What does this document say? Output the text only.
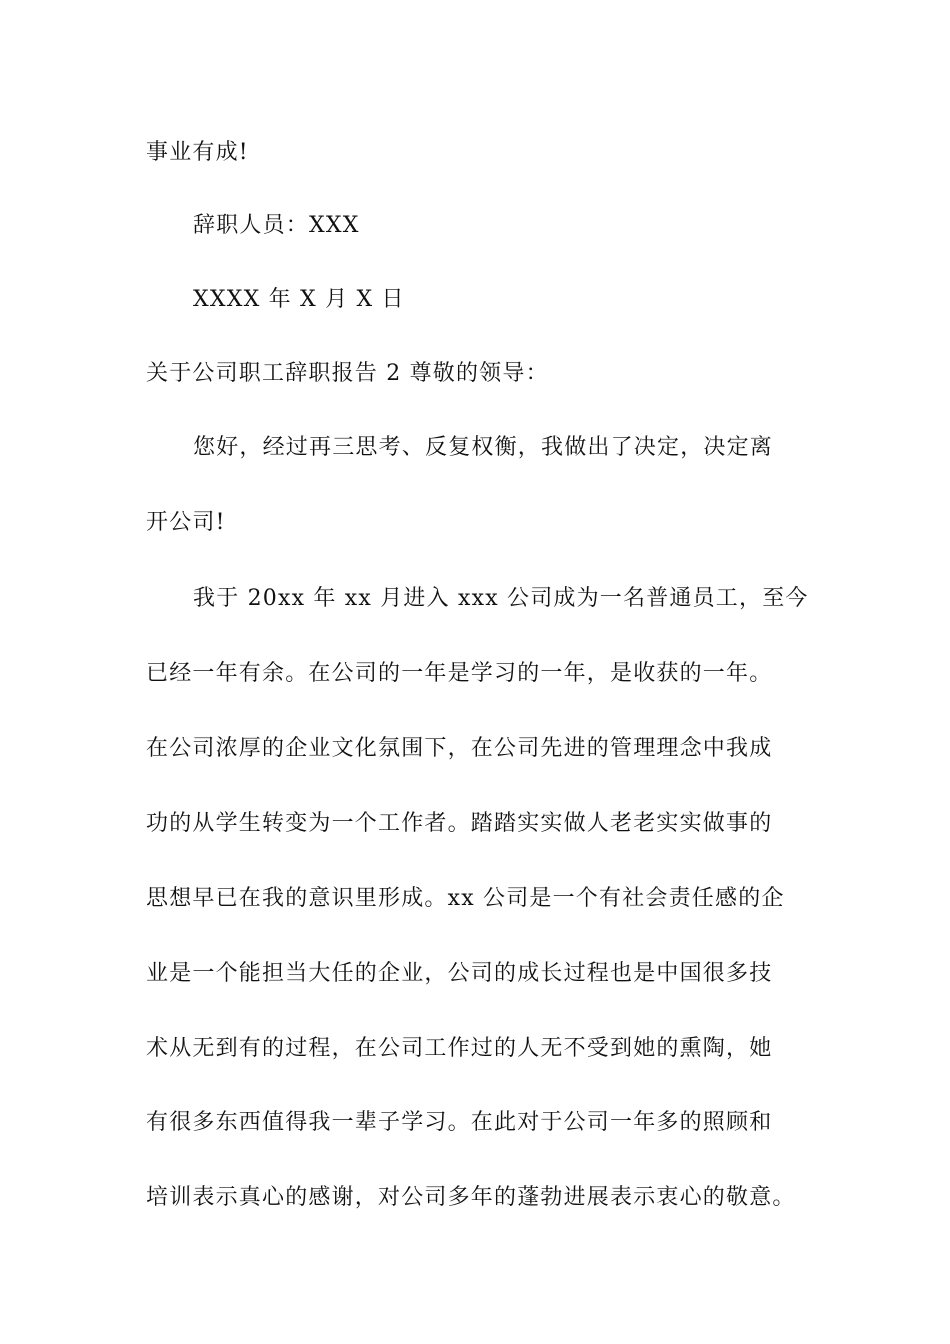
事业有成!
辞职人员：XXX
XXXX 年 X 月 X 日
关于公司职工辞职报告 2 尊敬的领导：
您好，经过再三思考、反复权衡，我做出了决定，决定离
开公司!
我于 20xx 年 xx 月进入 xxx 公司成为一名普通员工，至今
已经一年有余。在公司的一年是学习的一年，是收获的一年。
在公司浓厚的企业文化氛围下，在公司先进的管理理念中我成
功的从学生转变为一个工作者。踏踏实实做人老老实实做事的
思想早已在我的意识里形成。xx 公司是一个有社会责任感的企
业是一个能担当大任的企业，公司的成长过程也是中国很多技
术从无到有的过程，在公司工作过的人无不受到她的熏陶，她
有很多东西值得我一辈子学习。在此对于公司一年多的照顾和
培训表示真心的感谢，对公司多年的蓬勃进展表示衷心的敬意。
